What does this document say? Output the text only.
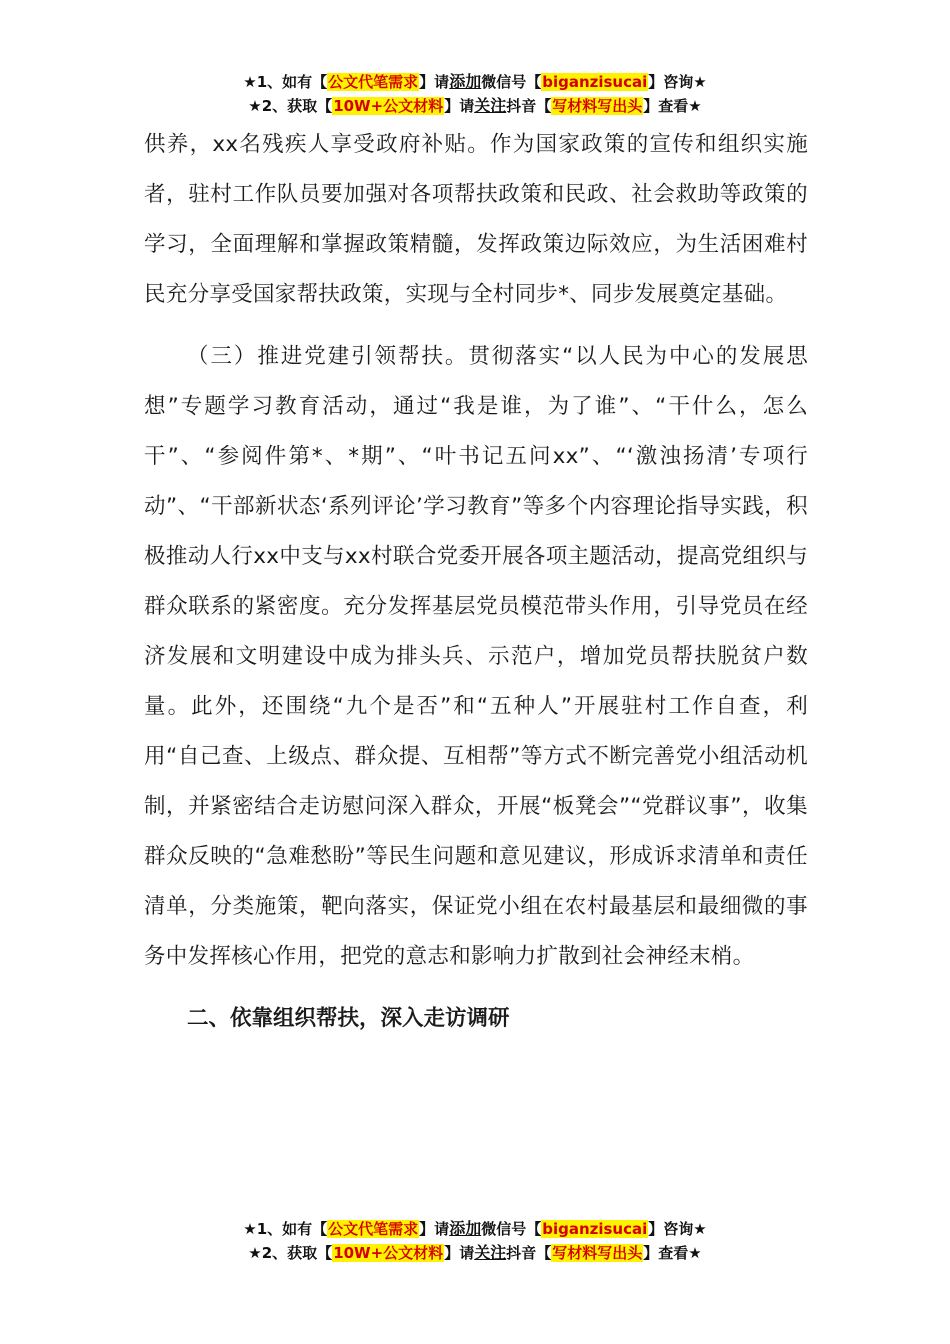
★1、如有【公文代笔需求】请添加微信号【biganzisucai】咨询★
★2、获取【10W+公文材料】请关注抖音【写材料写出头】查看★

供养，xx名残疾人享受政府补贴。作为国家政策的宣传和组织实施者，驻村工作队员要加强对各项帮扶政策和民政、社会救助等政策的学习，全面理解和掌握政策精髓，发挥政策边际效应，为生活困难村民充分享受国家帮扶政策，实现与全村同步*、同步发展奠定基础。

（三）推进党建引领帮扶。贯彻落实“以人民为中心的发展思想”专题学习教育活动，通过“我是谁，为了谁”、“干什么，怎么干”、“参阅件第*、*期”、“叶书记五问xx”、“‘激浊扬清’专项行动”、“干部新状态‘系列评论’学习教育”等多个内容理论指导实践，积极推动人行xx中支与xx村联合党委开展各项主题活动，提高党组织与群众联系的紧密度。充分发挥基层党员模范带头作用，引导党员在经济发展和文明建设中成为排头兵、示范户，增加党员帮扶脱贫户数量。此外，还围绕“九个是否”和“五种人”开展驻村工作自查，利用“自己查、上级点、群众提、互相帮”等方式不断完善党小组活动机制，并紧密结合走访慰问深入群众，开展“板凳会”“党群议事”，收集群众反映的“急难愁盼”等民生问题和意见建议，形成诉求清单和责任清单，分类施策，靶向落实，保证党小组在农村最基层和最细微的事务中发挥核心作用，把党的意志和影响力扩散到社会神经末梢。

二、依靠组织帮扶，深入走访调研

★1、如有【公文代笔需求】请添加微信号【biganzisucai】咨询★
★2、获取【10W+公文材料】请关注抖音【写材料写出头】查看★
